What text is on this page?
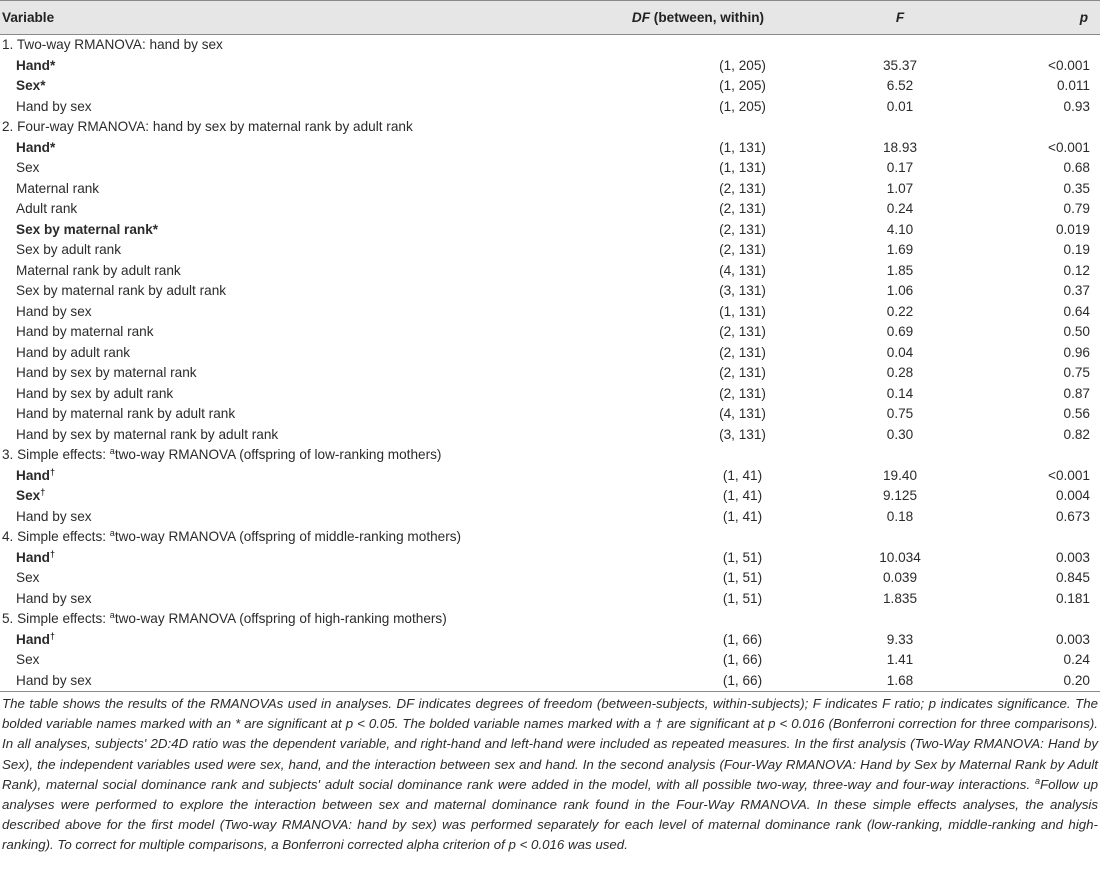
Variable	DF (between, within)	F	p
1. Two-way RMANOVA: hand by sex			
Hand*	(1, 205)	35.37	<0.001
Sex*	(1, 205)	6.52	0.011
Hand by sex	(1, 205)	0.01	0.93
2. Four-way RMANOVA: hand by sex by maternal rank by adult rank			
Hand*	(1, 131)	18.93	<0.001
Sex	(1, 131)	0.17	0.68
Maternal rank	(2, 131)	1.07	0.35
Adult rank	(2, 131)	0.24	0.79
Sex by maternal rank*	(2, 131)	4.10	0.019
Sex by adult rank	(2, 131)	1.69	0.19
Maternal rank by adult rank	(4, 131)	1.85	0.12
Sex by maternal rank by adult rank	(3, 131)	1.06	0.37
Hand by sex	(1, 131)	0.22	0.64
Hand by maternal rank	(2, 131)	0.69	0.50
Hand by adult rank	(2, 131)	0.04	0.96
Hand by sex by maternal rank	(2, 131)	0.28	0.75
Hand by sex by adult rank	(2, 131)	0.14	0.87
Hand by maternal rank by adult rank	(4, 131)	0.75	0.56
Hand by sex by maternal rank by adult rank	(3, 131)	0.30	0.82
3. Simple effects: $^a$two-way RMANOVA (offspring of low-ranking mothers)			
Hand†	(1, 41)	19.40	<0.001
Sex†	(1, 41)	9.125	0.004
Hand by sex	(1, 41)	0.18	0.673
4. Simple effects: $^a$two-way RMANOVA (offspring of middle-ranking mothers)			
Hand†	(1, 51)	10.034	0.003
Sex	(1, 51)	0.039	0.845
Hand by sex	(1, 51)	1.835	0.181
5. Simple effects: $^a$two-way RMANOVA (offspring of high-ranking mothers)			
Hand†	(1, 66)	9.33	0.003
Sex	(1, 66)	1.41	0.24
Hand by sex	(1, 66)	1.68	0.20
The table shows the results of the RMANOVAs used in analyses. DF indicates degrees of freedom (between-subjects, within-subjects); F indicates F ratio; p indicates significance. The bolded variable names marked with an * are significant at p < 0.05. The bolded variable names marked with a † are significant at p < 0.016 (Bonferroni correction for three comparisons). In all analyses, subjects' 2D:4D ratio was the dependent variable, and right-hand and left-hand were included as repeated measures. In the first analysis (Two-Way RMANOVA: Hand by Sex), the independent variables used were sex, hand, and the interaction between sex and hand. In the second analysis (Four-Way RMANOVA: Hand by Sex by Maternal Rank by Adult Rank), maternal social dominance rank and subjects' adult social dominance rank were added in the model, with all possible two-way, three-way and four-way interactions. $^a$Follow up analyses were performed to explore the interaction between sex and maternal dominance rank found in the Four-Way RMANOVA. In these simple effects analyses, the analysis described above for the first model (Two-way RMANOVA: hand by sex) was performed separately for each level of maternal dominance rank (low-ranking, middle-ranking and high-ranking). To correct for multiple comparisons, a Bonferroni corrected alpha criterion of p < 0.016 was used.
